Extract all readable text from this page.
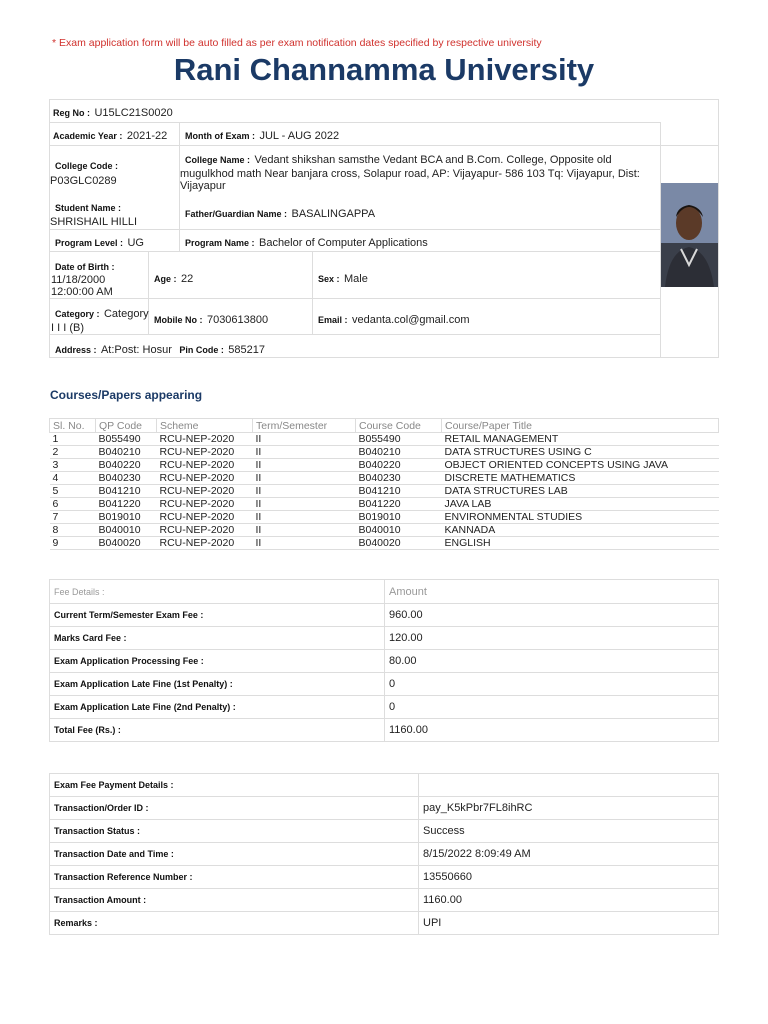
* Exam application form will be auto filled as per exam notification dates specified by respective university
Rani Channamma University
Reg No : U15LC21S0020
Academic Year : 2021-22 Month of Exam : JUL - AUG 2022
College Code :
P03GLC0289
College Name : Vedant shikshan samsthe Vedant BCA and B.Com. College, Opposite old
mugulkhod math Near banjara cross, Solapur road, AP: Vijayapur- 586 103 Tq: Vijayapur, Dist:
Vijayapur
Student Name :
SHRISHAIL HILLI
Father/Guardian Name : BASALINGAPPA
Program Level : UG	Program Name : Bachelor of Computer Applications
Date of Birth :
11/18/2000
12:00:00 AM
Age : 22	Sex : Male
Category : Category
I I I (B)
Mobile No : 7030613800	Email : vedanta.col@gmail.com
Address : At:Post: Hosur Pin Code : 585217
Courses/Papers appearing
Sl. No.	QP Code	Scheme	Term/Semester	Course Code	Course/Paper Title
1	B055490	RCU-NEP-2020	II	B055490	RETAIL MANAGEMENT
2	B040210	RCU-NEP-2020	II	B040210	DATA STRUCTURES USING C
3	B040220	RCU-NEP-2020	II	B040220	OBJECT ORIENTED CONCEPTS USING JAVA
4	B040230	RCU-NEP-2020	II	B040230	DISCRETE MATHEMATICS
5	B041210	RCU-NEP-2020	II	B041210	DATA STRUCTURES LAB
6	B041220	RCU-NEP-2020	II	B041220	JAVA LAB
7	B019010	RCU-NEP-2020	II	B019010	ENVIRONMENTAL STUDIES
8	B040010	RCU-NEP-2020	II	B040010	KANNADA
9	B040020	RCU-NEP-2020	II	B040020	ENGLISH
Fee Details :	Amount
Current Term/Semester Exam Fee :	960.00
Marks Card Fee :	120.00
Exam Application Processing Fee :	80.00
Exam Application Late Fine (1st Penalty) :	0
Exam Application Late Fine (2nd Penalty) :	0
Total Fee (Rs.) :	1160.00
Exam Fee Payment Details :	
Transaction/Order ID :	pay_K5kPbr7FL8ihRC
Transaction Status :	Success
Transaction Date and Time :	8/15/2022 8:09:49 AM
Transaction Reference Number :	13550660
Transaction Amount :	1160.00
Remarks :	UPI
